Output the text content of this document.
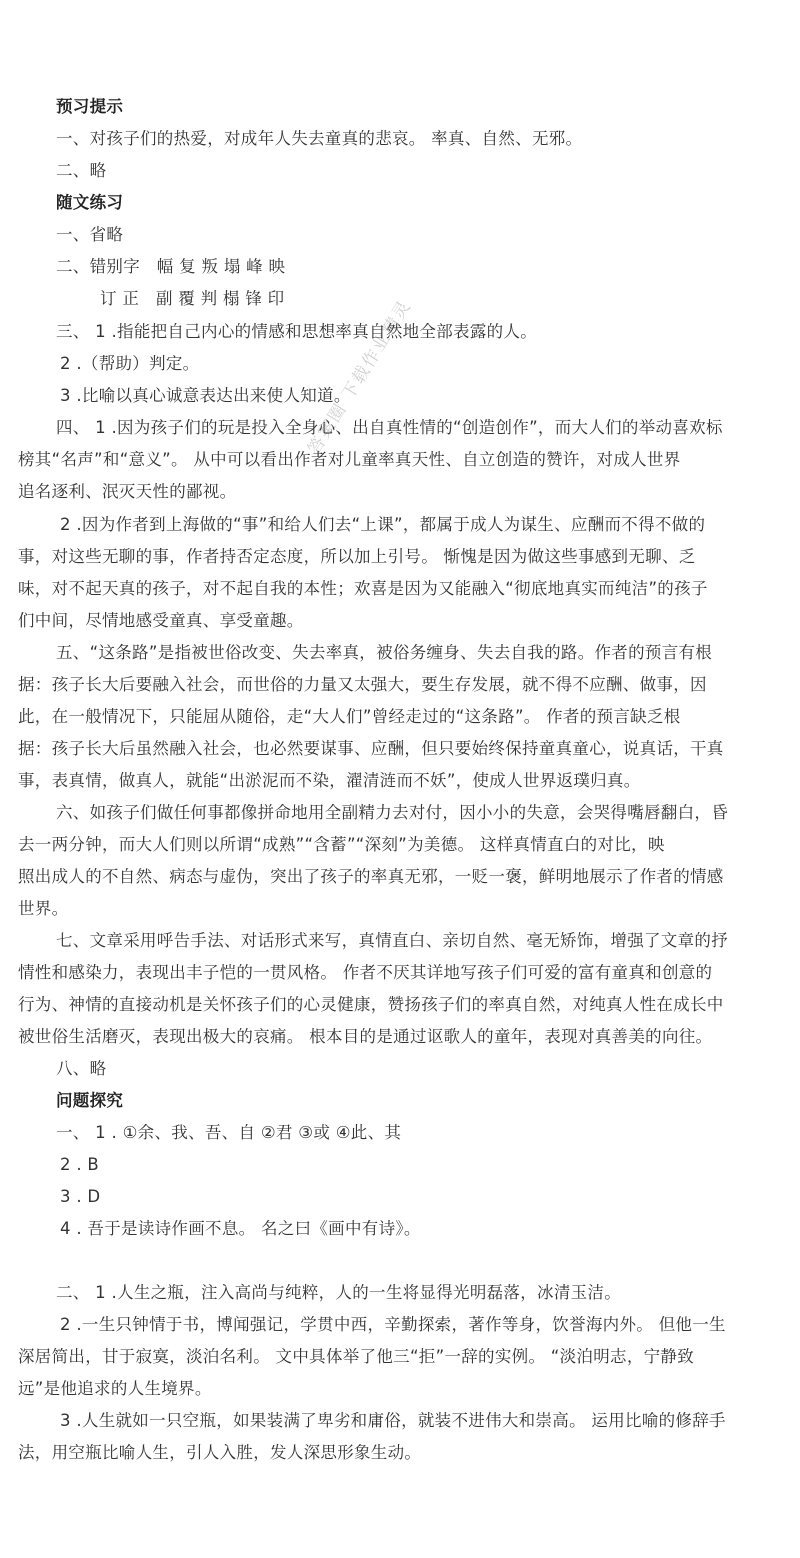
答案圈 下载作业精灵
预习提示
一、对孩子们的热爱，对成年人失去童真的悲哀。 率真、自然、无邪。
二、略
随文练习
一、省略
二、错别字　幅 复 叛 塌 峰 映
订 正　副 覆 判 榻 锋 印
三、 1 .指能把自己内心的情感和思想率真自然地全部表露的人。
2 .（帮助）判定。
3 .比喻以真心诚意表达出来使人知道。
四、 1 .因为孩子们的玩是投入全身心、出自真性情的“创造创作”，而大人们的举动喜欢标
榜其“名声”和“意义”。 从中可以看出作者对儿童率真天性、自立创造的赞许，对成人世界
追名逐利、泯灭天性的鄙视。
2 .因为作者到上海做的“事”和给人们去“上课”，都属于成人为谋生、应酬而不得不做的
事，对这些无聊的事，作者持否定态度，所以加上引号。 惭愧是因为做这些事感到无聊、乏
味，对不起天真的孩子，对不起自我的本性；欢喜是因为又能融入“彻底地真实而纯洁”的孩子
们中间，尽情地感受童真、享受童趣。
五、“这条路”是指被世俗改变、失去率真，被俗务缠身、失去自我的路。作者的预言有根
据：孩子长大后要融入社会，而世俗的力量又太强大，要生存发展，就不得不应酬、做事，因
此，在一般情况下，只能屈从随俗，走“大人们”曾经走过的“这条路”。 作者的预言缺乏根
据：孩子长大后虽然融入社会，也必然要谋事、应酬，但只要始终保持童真童心，说真话，干真
事，表真情，做真人，就能“出淤泥而不染，濯清涟而不妖”，使成人世界返璞归真。
六、如孩子们做任何事都像拼命地用全副精力去对付，因小小的失意，会哭得嘴唇翻白，昏
去一两分钟，而大人们则以所谓“成熟”“含蓄”“深刻”为美德。 这样真情直白的对比，映
照出成人的不自然、病态与虚伪，突出了孩子的率真无邪，一贬一褒，鲜明地展示了作者的情感
世界。
七、文章采用呼告手法、对话形式来写，真情直白、亲切自然、毫无矫饰，增强了文章的抒
情性和感染力，表现出丰子恺的一贯风格。 作者不厌其详地写孩子们可爱的富有童真和创意的
行为、神情的直接动机是关怀孩子们的心灵健康，赞扬孩子们的率真自然，对纯真人性在成长中
被世俗生活磨灭，表现出极大的哀痛。 根本目的是通过讴歌人的童年，表现对真善美的向往。
八、略
问题探究
一、 1 . ①余、我、吾、自 ②君 ③或 ④此、其
2 . B
3 . D
4 . 吾于是读诗作画不息。 名之曰《画中有诗》。
二、 1 .人生之瓶，注入高尚与纯粹，人的一生将显得光明磊落，冰清玉洁。
2 .一生只钟情于书，博闻强记，学贯中西，辛勤探索，著作等身，饮誉海内外。 但他一生
深居简出，甘于寂寞，淡泊名利。 文中具体举了他三“拒”一辞的实例。 “淡泊明志，宁静致
远”是他追求的人生境界。
3 .人生就如一只空瓶，如果装满了卑劣和庸俗，就装不进伟大和崇高。 运用比喻的修辞手
法，用空瓶比喻人生，引人入胜，发人深思形象生动。
